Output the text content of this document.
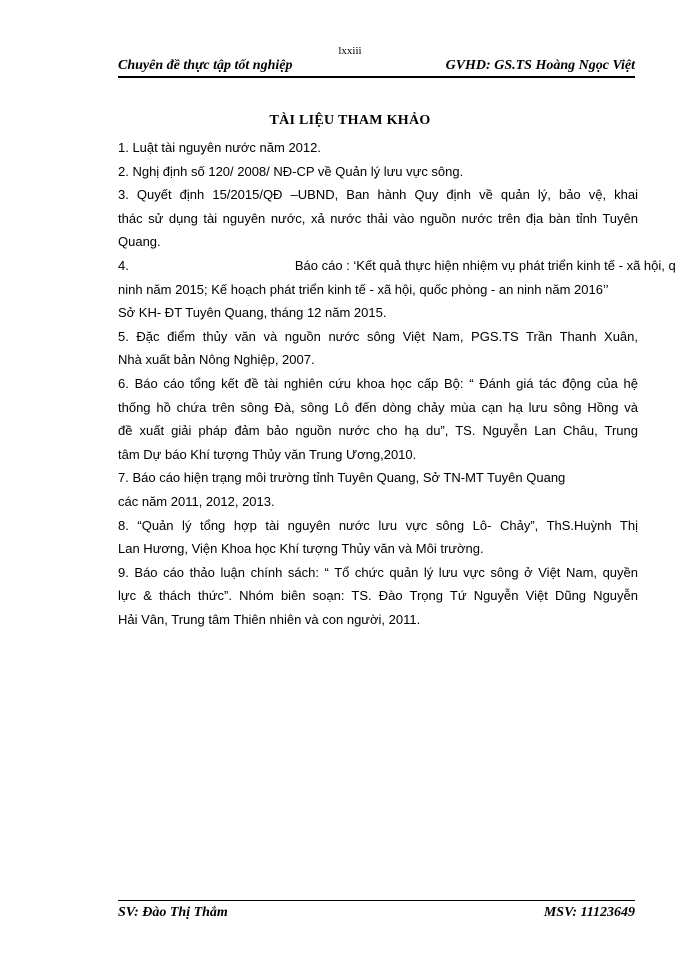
lxxiii
Chuyên đề thực tập tốt nghiệp	GVHD: GS.TS Hoàng Ngọc Việt
TÀI LIỆU THAM KHẢO

1. Luật tài nguyên nước năm 2012.

2. Nghị định số 120/ 2008/ NĐ-CP về Quản lý lưu vực sông.

3. Quyết định 15/2015/QĐ –UBND, Ban hành Quy định về quản lý, bảo vệ, khai
thác sử dụng tài nguyên nước, xả nước thải vào nguồn nước trên địa bàn tỉnh Tuyên
Quang.

4.	Báo cáo : ‘Kết quả thực hiện nhiệm vụ phát triển kinh tế - xã hội, q
ninh năm 2015; Kế hoạch phát triển kinh tế - xã hội, quốc phòng - an ninh năm 2016’’
Sở KH- ĐT Tuyên Quang, tháng 12 năm 2015.

5. Đặc điểm thủy văn và nguồn nước sông Việt Nam, PGS.TS Trần Thanh Xuân,
Nhà xuất bản Nông Nghiệp, 2007.

6. Báo cáo tổng kết đề tài nghiên cứu khoa học cấp Bộ: “ Đánh giá tác động của hệ
thống hồ chứa trên sông Đà, sông Lô đến dòng chảy mùa cạn hạ lưu sông Hồng và
đề xuất giải pháp đảm bảo nguồn nước cho hạ du”, TS. Nguyễn Lan Châu, Trung
tâm Dự báo Khí tượng Thủy văn Trung Ương,2010.

7. Báo cáo hiện trạng môi trường tỉnh Tuyên Quang, Sở TN-MT Tuyên Quang
các năm 2011, 2012, 2013.

8. “Quản lý tổng hợp tài nguyên nước lưu vực sông Lô- Chảy”, ThS.Huỳnh Thị
Lan Hương, Viện Khoa học Khí tượng Thủy văn và Môi trường.

9. Báo cáo thảo luận chính sách: “ Tổ chức quản lý lưu vực sông ở Việt Nam, quyền
lực & thách thức”. Nhóm biên soạn: TS. Đào Trọng Tứ Nguyễn Việt Dũng Nguyễn
Hải Vân, Trung tâm Thiên nhiên và con người, 2011.

SV: Đào Thị Thắm	MSV: 11123649
